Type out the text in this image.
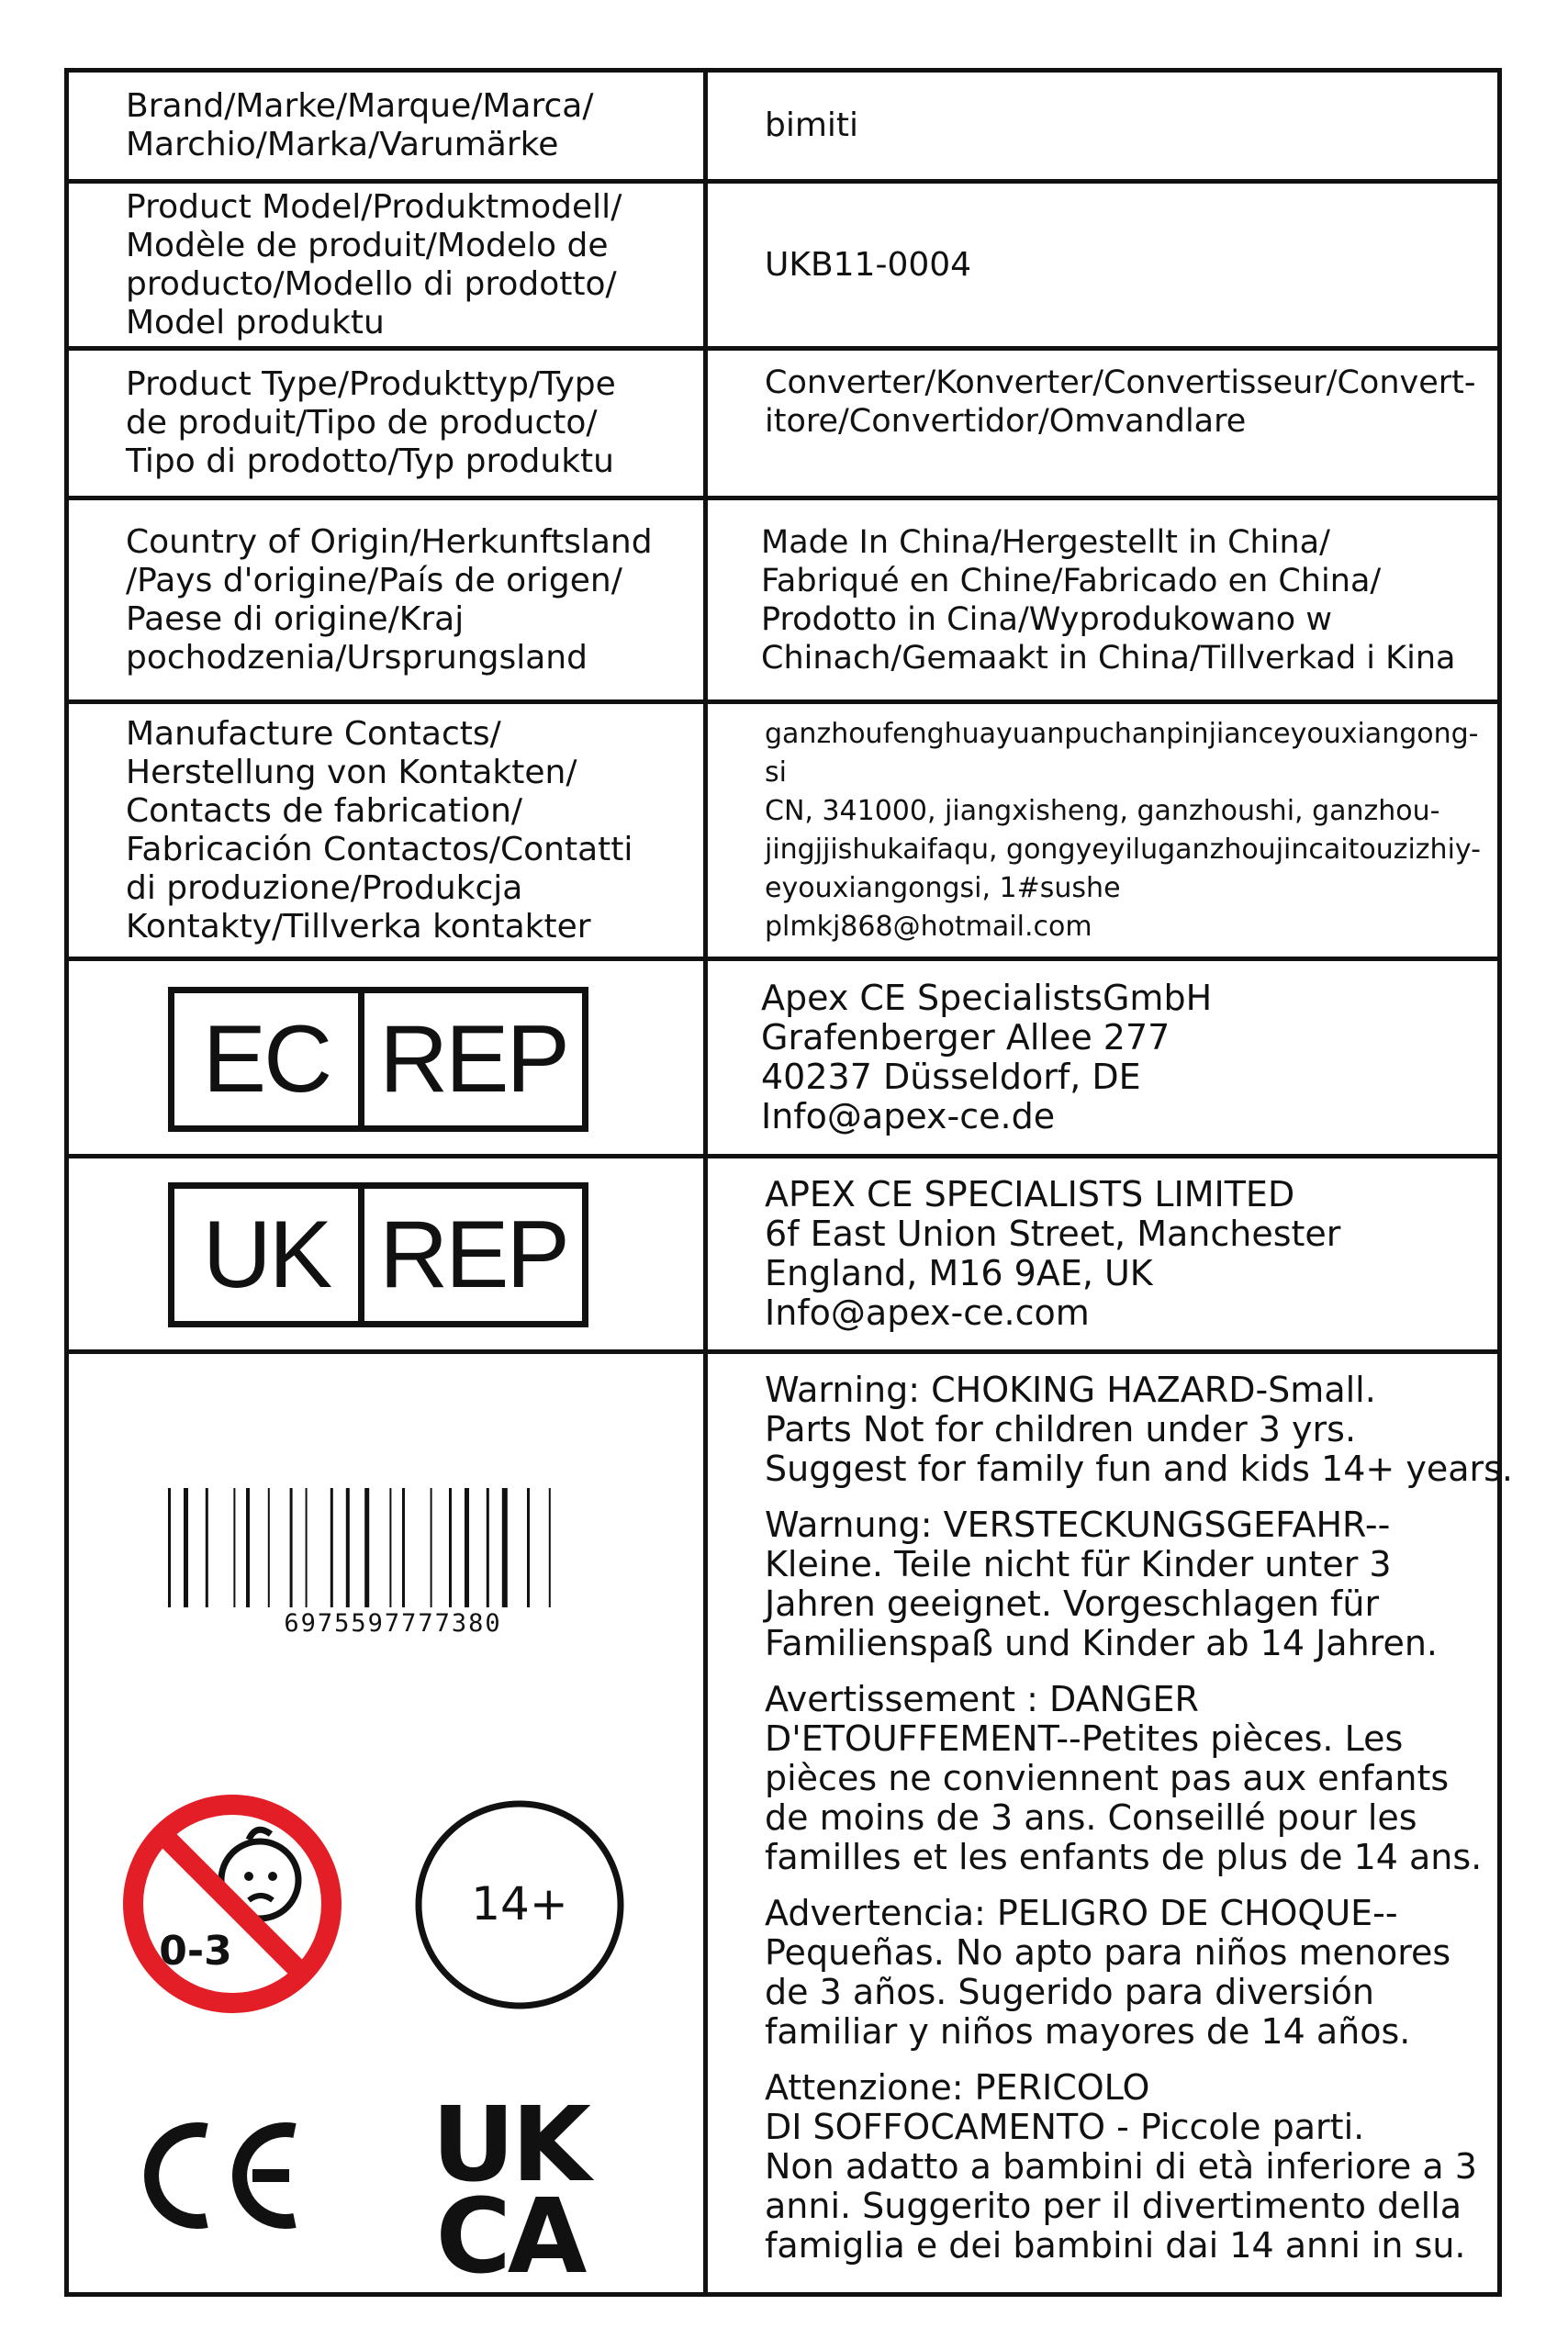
Brand/Marke/Marque/Marca/
Marchio/Marka/Varumärke
bimiti
Product Model/Produktmodell/
Modèle de produit/Modelo de
producto/Modello di prodotto/
Model produktu
UKB11-0004
Product Type/Produkttyp/Type
de produit/Tipo de producto/
Tipo di prodotto/Typ produktu
Converter/Konverter/Convertisseur/Convert-
itore/Convertidor/Omvandlare
Country of Origin/Herkunftsland
/Pays d'origine/País de origen/
Paese di origine/Kraj
pochodzenia/Ursprungsland
Made In China/Hergestellt in China/
Fabriqué en Chine/Fabricado en China/
Prodotto in Cina/Wyprodukowano w
Chinach/Gemaakt in China/Tillverkad i Kina
Manufacture Contacts/
Herstellung von Kontakten/
Contacts de fabrication/
Fabricación Contactos/Contatti
di produzione/Produkcja
Kontakty/Tillverka kontakter
ganzhoufenghuayuanpuchanpinjianceyouxiangong-
si
CN, 341000, jiangxisheng, ganzhoushi, ganzhou-
jingjjishukaifaqu, gongyeyiluganzhoujincaitouzizhiy-
eyouxiangongsi, 1#sushe
plmkj868@hotmail.com
EC REP
Apex CE SpecialistsGmbH
Grafenberger Allee 277
40237 Düsseldorf, DE
Info@apex-ce.de
UK REP
APEX CE SPECIALISTS LIMITED
6f East Union Street, Manchester
England, M16 9AE, UK
Info@apex-ce.com
6975597777380
0-3
14+
UK
CA
Warning: CHOKING HAZARD-Small.
Parts Not for children under 3 yrs.
Suggest for family fun and kids 14+ years.
Warnung: VERSTECKUNGSGEFAHR--
Kleine. Teile nicht für Kinder unter 3
Jahren geeignet. Vorgeschlagen für
Familienspaß und Kinder ab 14 Jahren.
Avertissement : DANGER
D'ETOUFFEMENT--Petites pièces. Les
pièces ne conviennent pas aux enfants
de moins de 3 ans. Conseillé pour les
familles et les enfants de plus de 14 ans.
Advertencia: PELIGRO DE CHOQUE--
Pequeñas. No apto para niños menores
de 3 años. Sugerido para diversión
familiar y niños mayores de 14 años.
Attenzione: PERICOLO
DI SOFFOCAMENTO - Piccole parti.
Non adatto a bambini di età inferiore a 3
anni. Suggerito per il divertimento della
famiglia e dei bambini dai 14 anni in su.
